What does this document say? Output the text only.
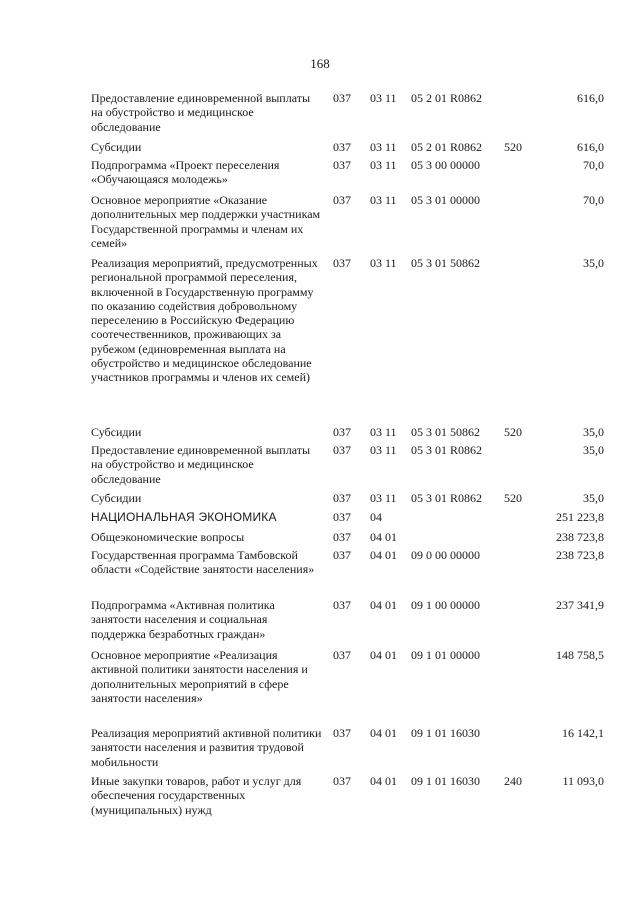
168
Предоставление единовременной выплаты на обустройство и медицинское обследование
037 03 11 05 2 01 R0862	616,0
Субсидии	037 03 11 05 2 01 R0862 520	616,0
Подпрограмма «Проект переселения «Обучающаяся молодежь»
037 03 11 05 3 00 00000	70,0
Основное мероприятие «Оказание дополнительных мер поддержки участникам Государственной программы и членам их семей»
037 03 11 05 3 01 00000	70,0
Реализация мероприятий, предусмотренных региональной программой переселения, включенной в Государственную программу по оказанию содействия добровольному переселению в Российскую Федерацию соотечественников, проживающих за рубежом (единовременная выплата на обустройство и медицинское обследование участников программы и членов их семей)
037 03 11 05 3 01 50862	35,0
Субсидии	037 03 11 05 3 01 50862 520	35,0
Предоставление единовременной выплаты на обустройство и медицинское обследование
037 03 11 05 3 01 R0862	35,0
Субсидии	037 03 11 05 3 01 R0862 520	35,0
НАЦИОНАЛЬНАЯ ЭКОНОМИКА	037 04	251 223,8
Общеэкономические вопросы	037 04 01	238 723,8
Государственная программа Тамбовской области «Содействие занятости населения»
037 04 01 09 0 00 00000	238 723,8
Подпрограмма «Активная политика занятости населения и социальная поддержка безработных граждан»
037 04 01 09 1 00 00000	237 341,9
Основное мероприятие «Реализация активной политики занятости населения и дополнительных мероприятий в сфере занятости населения»
037 04 01 09 1 01 00000	148 758,5
Реализация мероприятий активной политики занятости населения и развития трудовой мобильности
037 04 01 09 1 01 16030	16 142,1
Иные закупки товаров, работ и услуг для обеспечения государственных (муниципальных) нужд
037 04 01 09 1 01 16030 240	11 093,0
